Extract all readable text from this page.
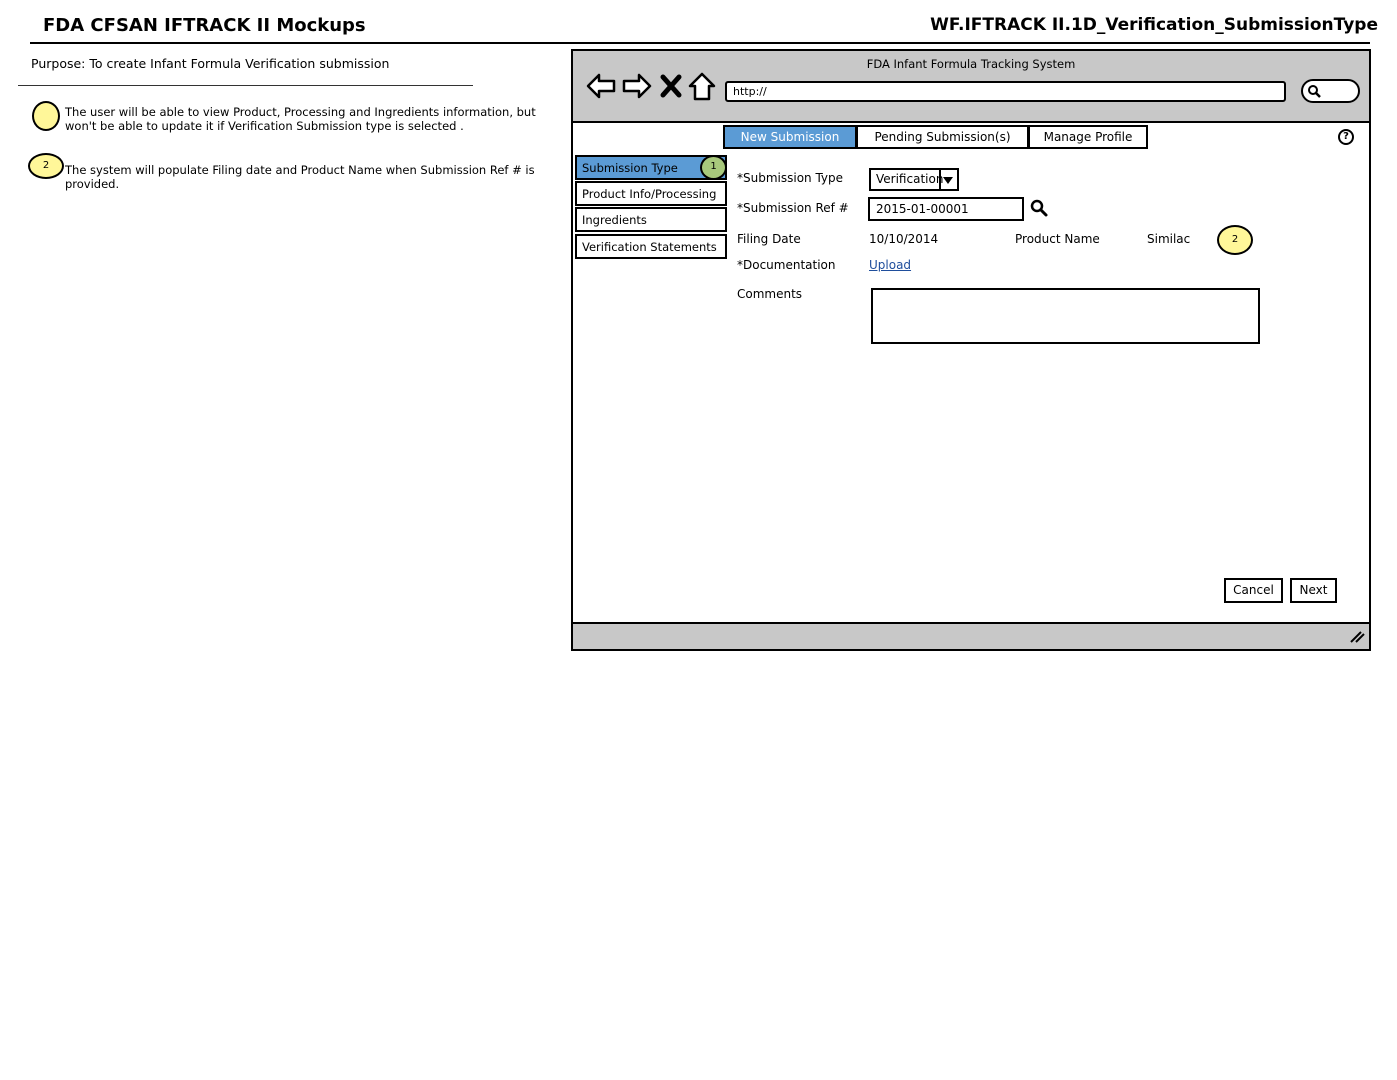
FDA CFSAN IFTRACK II Mockups	WF.IFTRACK II.1D_Verification_SubmissionType
Purpose: To create Infant Formula Verification submission
The user will be able to view Product, Processing and Ingredients information, but won't be able to update it if Verification Submission type is selected .
2	The system will populate Filing date and Product Name when Submission Ref # is provided.
FDA Infant Formula Tracking System
http://
New Submission	Pending Submission(s)	Manage Profile	?
Submission Type
Product Info/Processing
Ingredients
Verification Statements
1
*Submission Type	Verification
*Submission Ref #	2015-01-00001
Filing Date	10/10/2014	Product Name	Similac	2
*Documentation	Upload
Comments
Cancel	Next
